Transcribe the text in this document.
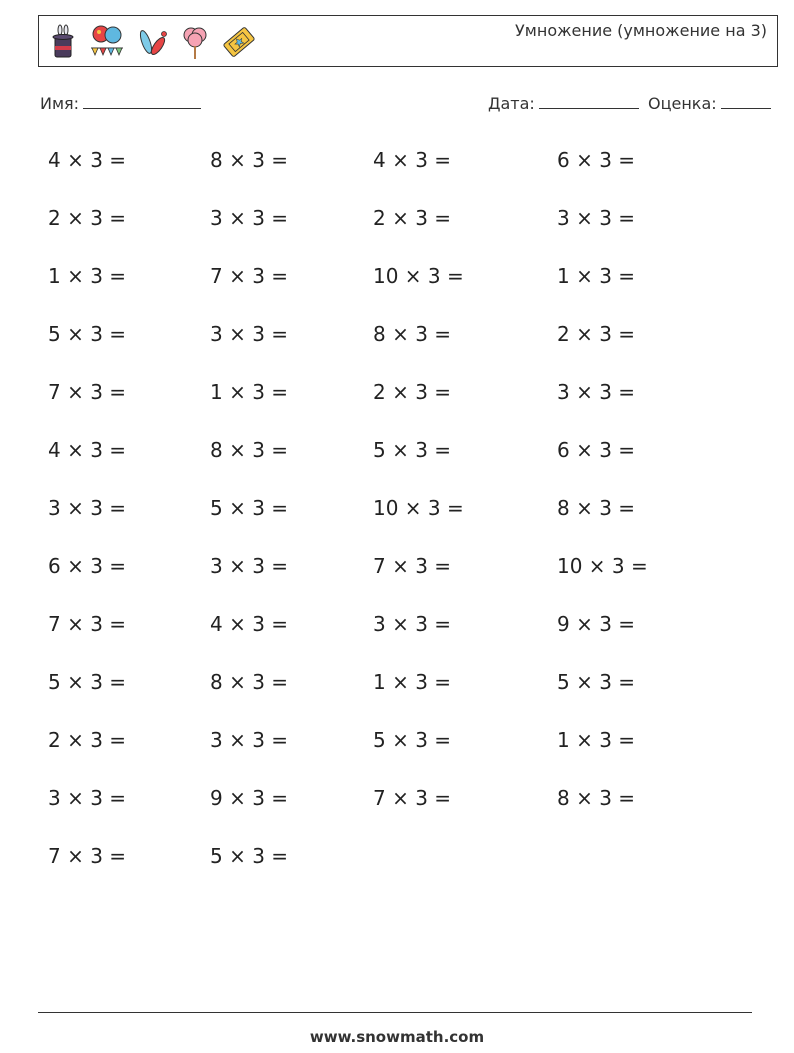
Умножение (умножение на 3)
Имя:	Дата:	Оценка:
4 × 3 =	8 × 3 =	4 × 3 =	6 × 3 =
2 × 3 =	3 × 3 =	2 × 3 =	3 × 3 =
1 × 3 =	7 × 3 =	10 × 3 =	1 × 3 =
5 × 3 =	3 × 3 =	8 × 3 =	2 × 3 =
7 × 3 =	1 × 3 =	2 × 3 =	3 × 3 =
4 × 3 =	8 × 3 =	5 × 3 =	6 × 3 =
3 × 3 =	5 × 3 =	10 × 3 =	8 × 3 =
6 × 3 =	3 × 3 =	7 × 3 =	10 × 3 =
7 × 3 =	4 × 3 =	3 × 3 =	9 × 3 =
5 × 3 =	8 × 3 =	1 × 3 =	5 × 3 =
2 × 3 =	3 × 3 =	5 × 3 =	1 × 3 =
3 × 3 =	9 × 3 =	7 × 3 =	8 × 3 =
7 × 3 =	5 × 3 =
www.snowmath.com
